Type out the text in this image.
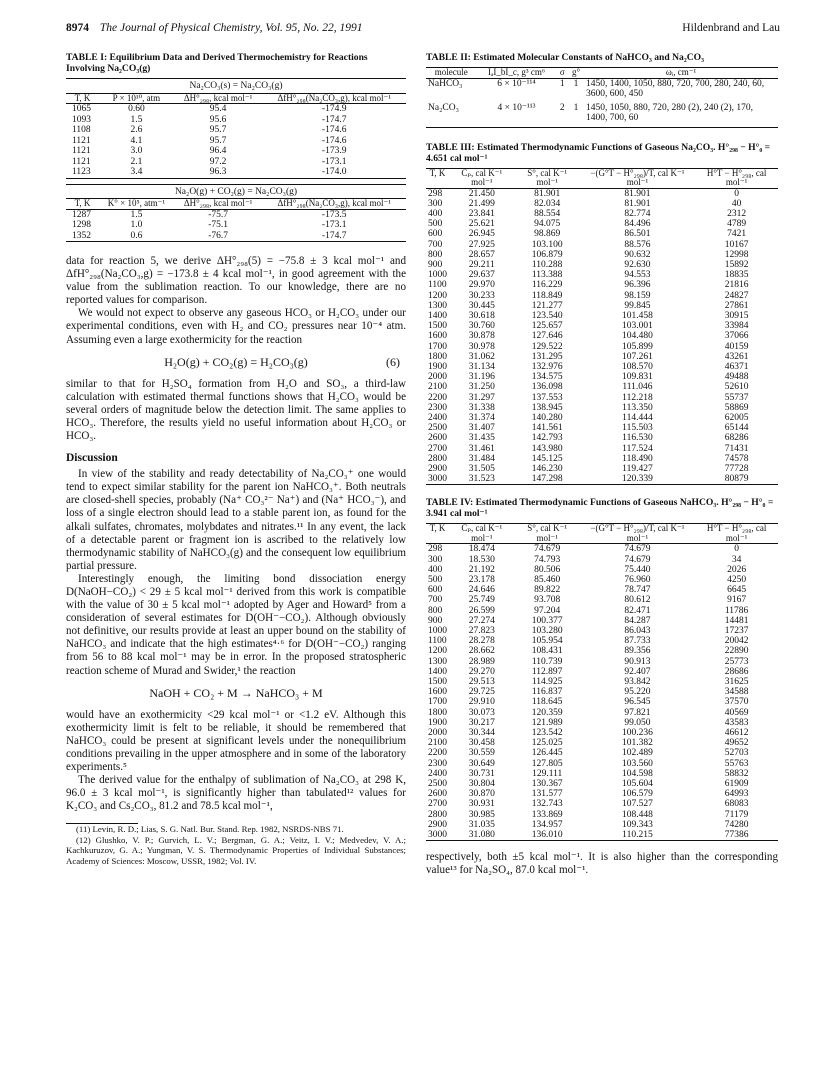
8974 The Journal of Physical Chemistry, Vol. 95, No. 22, 1991	Hildenbrand and Lau
TABLE I: Equilibrium Data and Derived Thermochemistry for Reactions Involving Na₂CO₃(g)
Na₂CO₃(s) = Na₂CO₃(g)			
T, K	P × 10¹⁰, atm	ΔH°₂₉₈, kcal mol⁻¹	ΔfH°₂₉₈(Na₂CO₃,g), kcal mol⁻¹
1065	0.60	95.4	-174.9
1093	1.5	95.6	-174.7
1108	2.6	95.7	-174.6
1121	4.1	95.7	-174.6
1121	3.0	96.4	-173.9
1121	2.1	97.2	-173.1
1123	3.4	96.3	-174.0

Na₂O(g) + CO₂(g) = Na₂CO₃(g)			
T, K	K° × 10⁵, atm⁻¹	ΔH°₂₉₈, kcal mol⁻¹	ΔfH°₂₉₈(Na₂CO₃,g), kcal mol⁻¹
1287	1.5	-75.7	-173.5
1298	1.0	-75.1	-173.1
1352	0.6	-76.7	-174.7

data for reaction 5, we derive ΔH°₂₉₈(5) = −75.8 ± 3 kcal mol⁻¹ and ΔfH°₂₉₈(Na₂CO₃,g) = −173.8 ± 4 kcal mol⁻¹, in good agreement with the value from the sublimation reaction. To our knowledge, there are no reported values for comparison.

We would not expect to observe any gaseous HCO₃ or H₂CO₃ under our experimental conditions, even with H₂ and CO₂ pressures near 10⁻⁴ atm. Assuming even a large exothermicity for the reaction

H₂O(g) + CO₂(g) = H₂CO₃(g)	(6)

similar to that for H₂SO₄ formation from H₂O and SO₃, a third-law calculation with estimated thermal functions shows that H₂CO₃ would be several orders of magnitude below the detection limit. The same applies to HCO₃. Therefore, the results yield no useful information about H₂CO₃ or HCO₃.

Discussion

In view of the stability and ready detectability of Na₂CO₃⁺ one would tend to expect similar stability for the parent ion NaHCO₃⁺. Both neutrals are closed-shell species, probably (Na⁺ CO₃²⁻ Na⁺) and (Na⁺ HCO₃⁻), and loss of a single electron should lead to a stable parent ion, as found for the alkali sulfates, chromates, molybdates and nitrates.¹¹ In any event, the lack of a detectable parent or fragment ion is ascribed to the relatively low thermodynamic stability of NaHCO₃(g) and the consequent low equilibrium partial pressure.

Interestingly enough, the limiting bond dissociation energy D(NaOH−CO₂) < 29 ± 5 kcal mol⁻¹ derived from this work is compatible with the value of 30 ± 5 kcal mol⁻¹ adopted by Ager and Howard⁵ from a consideration of several estimates for D(OH⁻−CO₂). Although obviously not definitive, our results provide at least an upper bound on the stability of NaHCO₃ and indicate that the high estimates⁴·⁶ for D(OH⁻−CO₂) ranging from 56 to 88 kcal mol⁻¹ may be in error. In the proposed stratospheric reaction scheme of Murad and Swider,¹ the reaction

NaOH + CO₂ + M → NaHCO₃ + M

would have an exothermicity <29 kcal mol⁻¹ or <1.2 eV. Although this exothermicity limit is felt to be reliable, it should be remembered that NaHCO₃ could be present at significant levels under the nonequilibrium conditions prevailing in the upper atmosphere and in some of the laboratory experiments.⁵

The derived value for the enthalpy of sublimation of Na₂CO₃ at 298 K, 96.0 ± 3 kcal mol⁻¹, is significantly higher than tabulated¹² values for K₂CO₃ and Cs₂CO₃, 81.2 and 78.5 kcal mol⁻¹,

(11) Levin, R. D.; Lias, S. G. Natl. Bur. Stand. Rep. 1982, NSRDS-NBS 71.

(12) Glushko, V. P.; Gurvich, L. V.; Bergman, G. A.; Veitz, I. V.; Medvedev, V. A.; Kachkuruzov, G. A.; Yungman, V. S. Thermodynamic Properties of Individual Substances; Academy of Sciences: Moscow, USSR, 1982; Vol. IV.

TABLE II: Estimated Molecular Constants of NaHCO₃ and Na₂CO₃
molecule	IₐI_bI_c, g³ cm⁶	σ	g°	ωᵢ, cm⁻¹
NaHCO₃	6 × 10⁻¹¹⁴	1	1	1450, 1400, 1050, 880, 720, 700, 280, 240, 60, 3600, 600, 450
Na₂CO₃	4 × 10⁻¹¹³	2	1	1450, 1050, 880, 720, 280 (2), 240 (2), 170, 1400, 700, 60
TABLE III: Estimated Thermodynamic Functions of Gaseous Na₂CO₃. H°₂₉₈ − H°₀ = 4.651 cal mol⁻¹
T, K	Cₚ, cal K⁻¹ mol⁻¹	S°, cal K⁻¹ mol⁻¹	−(G°T − H°₂₉₈)/T, cal K⁻¹ mol⁻¹	H°T − H°₂₉₈, cal mol⁻¹
298	21.450	81.901	81.901	0
300	21.499	82.034	81.901	40
400	23.841	88.554	82.774	2312
500	25.621	94.075	84.496	4789
600	26.945	98.869	86.501	7421
700	27.925	103.100	88.576	10167
800	28.657	106.879	90.632	12998
900	29.211	110.288	92.630	15892
1000	29.637	113.388	94.553	18835
1100	29.970	116.229	96.396	21816
1200	30.233	118.849	98.159	24827
1300	30.445	121.277	99.845	27861
1400	30.618	123.540	101.458	30915
1500	30.760	125.657	103.001	33984
1600	30.878	127.646	104.480	37066
1700	30.978	129.522	105.899	40159
1800	31.062	131.295	107.261	43261
1900	31.134	132.976	108.570	46371
2000	31.196	134.575	109.831	49488
2100	31.250	136.098	111.046	52610
2200	31.297	137.553	112.218	55737
2300	31.338	138.945	113.350	58869
2400	31.374	140.280	114.444	62005
2500	31.407	141.561	115.503	65144
2600	31.435	142.793	116.530	68286
2700	31.461	143.980	117.524	71431
2800	31.484	145.125	118.490	74578
2900	31.505	146.230	119.427	77728
3000	31.523	147.298	120.339	80879
TABLE IV: Estimated Thermodynamic Functions of Gaseous NaHCO₃. H°₂₉₈ − H°₀ = 3.941 cal mol⁻¹
T, K	Cₚ, cal K⁻¹ mol⁻¹	S°, cal K⁻¹ mol⁻¹	−(G°T − H°₂₉₈)/T, cal K⁻¹ mol⁻¹	H°T − H°₂₉₈, cal mol⁻¹
298	18.474	74.679	74.679	0
300	18.530	74.793	74.679	34
400	21.192	80.506	75.440	2026
500	23.178	85.460	76.960	4250
600	24.646	89.822	78.747	6645
700	25.749	93.708	80.612	9167
800	26.599	97.204	82.471	11786
900	27.274	100.377	84.287	14481
1000	27.823	103.280	86.043	17237
1100	28.278	105.954	87.733	20042
1200	28.662	108.431	89.356	22890
1300	28.989	110.739	90.913	25773
1400	29.270	112.897	92.407	28686
1500	29.513	114.925	93.842	31625
1600	29.725	116.837	95.220	34588
1700	29.910	118.645	96.545	37570
1800	30.073	120.359	97.821	40569
1900	30.217	121.989	99.050	43583
2000	30.344	123.542	100.236	46612
2100	30.458	125.025	101.382	49652
2200	30.559	126.445	102.489	52703
2300	30.649	127.805	103.560	55763
2400	30.731	129.111	104.598	58832
2500	30.804	130.367	105.604	61909
2600	30.870	131.577	106.579	64993
2700	30.931	132.743	107.527	68083
2800	30.985	133.869	108.448	71179
2900	31.035	134.957	109.343	74280
3000	31.080	136.010	110.215	77386

respectively, both ±5 kcal mol⁻¹. It is also higher than the corresponding value¹³ for Na₂SO₄, 87.0 kcal mol⁻¹.
